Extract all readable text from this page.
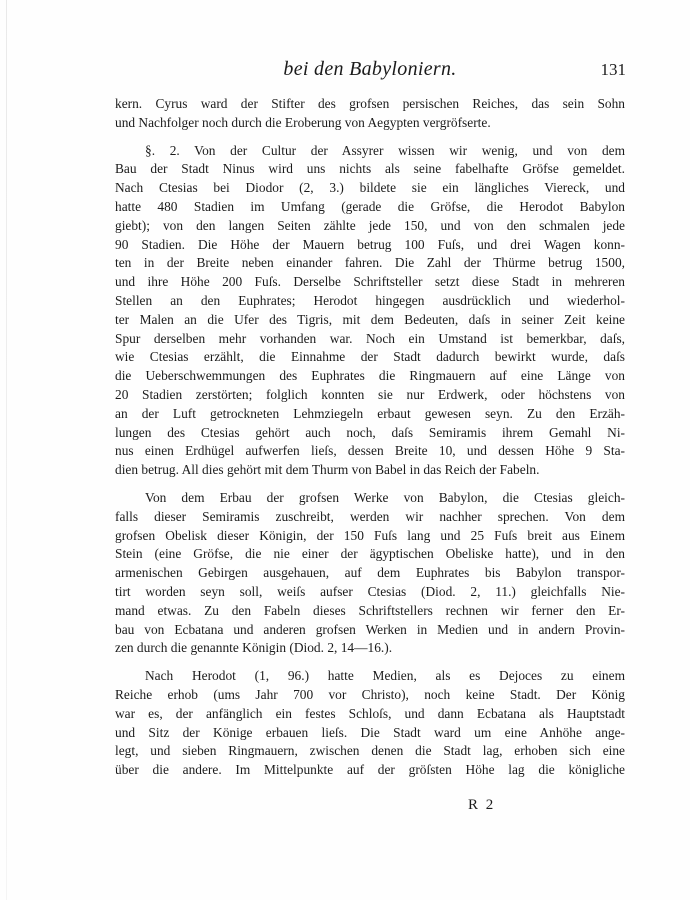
bei den Babyloniern.	131

kern. Cyrus ward der Stifter des grofsen persischen Reiches, das sein Sohn
und Nachfolger noch durch die Eroberung von Aegypten vergröfserte.

§. 2. Von der Cultur der Assyrer wissen wir wenig, und von dem
Bau der Stadt Ninus wird uns nichts als seine fabelhafte Gröfse gemeldet.
Nach Ctesias bei Diodor (2, 3.) bildete sie ein längliches Viereck, und
hatte 480 Stadien im Umfang (gerade die Gröfse, die Herodot Babylon
giebt); von den langen Seiten zählte jede 150, und von den schmalen jede
90 Stadien. Die Höhe der Mauern betrug 100 Fuſs, und drei Wagen konn-
ten in der Breite neben einander fahren. Die Zahl der Thürme betrug 1500,
und ihre Höhe 200 Fuſs. Derselbe Schriftsteller setzt diese Stadt in mehreren
Stellen an den Euphrates; Herodot hingegen ausdrücklich und wiederhol-
ter Malen an die Ufer des Tigris, mit dem Bedeuten, daſs in seiner Zeit keine
Spur derselben mehr vorhanden war. Noch ein Umstand ist bemerkbar, daſs,
wie Ctesias erzählt, die Einnahme der Stadt dadurch bewirkt wurde, daſs
die Ueberschwemmungen des Euphrates die Ringmauern auf eine Länge von
20 Stadien zerstörten; folglich konnten sie nur Erdwerk, oder höchstens von
an der Luft getrockneten Lehmziegeln erbaut gewesen seyn. Zu den Erzäh-
lungen des Ctesias gehört auch noch, daſs Semiramis ihrem Gemahl Ni-
nus einen Erdhügel aufwerfen lieſs, dessen Breite 10, und dessen Höhe 9 Sta-
dien betrug. All dies gehört mit dem Thurm von Babel in das Reich der Fabeln.

Von dem Erbau der grofsen Werke von Babylon, die Ctesias gleich-
falls dieser Semiramis zuschreibt, werden wir nachher sprechen. Von dem
grofsen Obelisk dieser Königin, der 150 Fuſs lang und 25 Fuſs breit aus Einem
Stein (eine Gröfse, die nie einer der ägyptischen Obeliske hatte), und in den
armenischen Gebirgen ausgehauen, auf dem Euphrates bis Babylon transpor-
tirt worden seyn soll, weiſs aufser Ctesias (Diod. 2, 11.) gleichfalls Nie-
mand etwas. Zu den Fabeln dieses Schriftstellers rechnen wir ferner den Er-
bau von Ecbatana und anderen grofsen Werken in Medien und in andern Provin-
zen durch die genannte Königin (Diod. 2, 14—16.).

Nach Herodot (1, 96.) hatte Medien, als es Dejoces zu einem
Reiche erhob (ums Jahr 700 vor Christo), noch keine Stadt. Der König
war es, der anfänglich ein festes Schloſs, und dann Ecbatana als Hauptstadt
und Sitz der Könige erbauen lieſs. Die Stadt ward um eine Anhöhe ange-
legt, und sieben Ringmauern, zwischen denen die Stadt lag, erhoben sich eine
über die andere. Im Mittelpunkte auf der gröſsten Höhe lag die königliche

R 2
